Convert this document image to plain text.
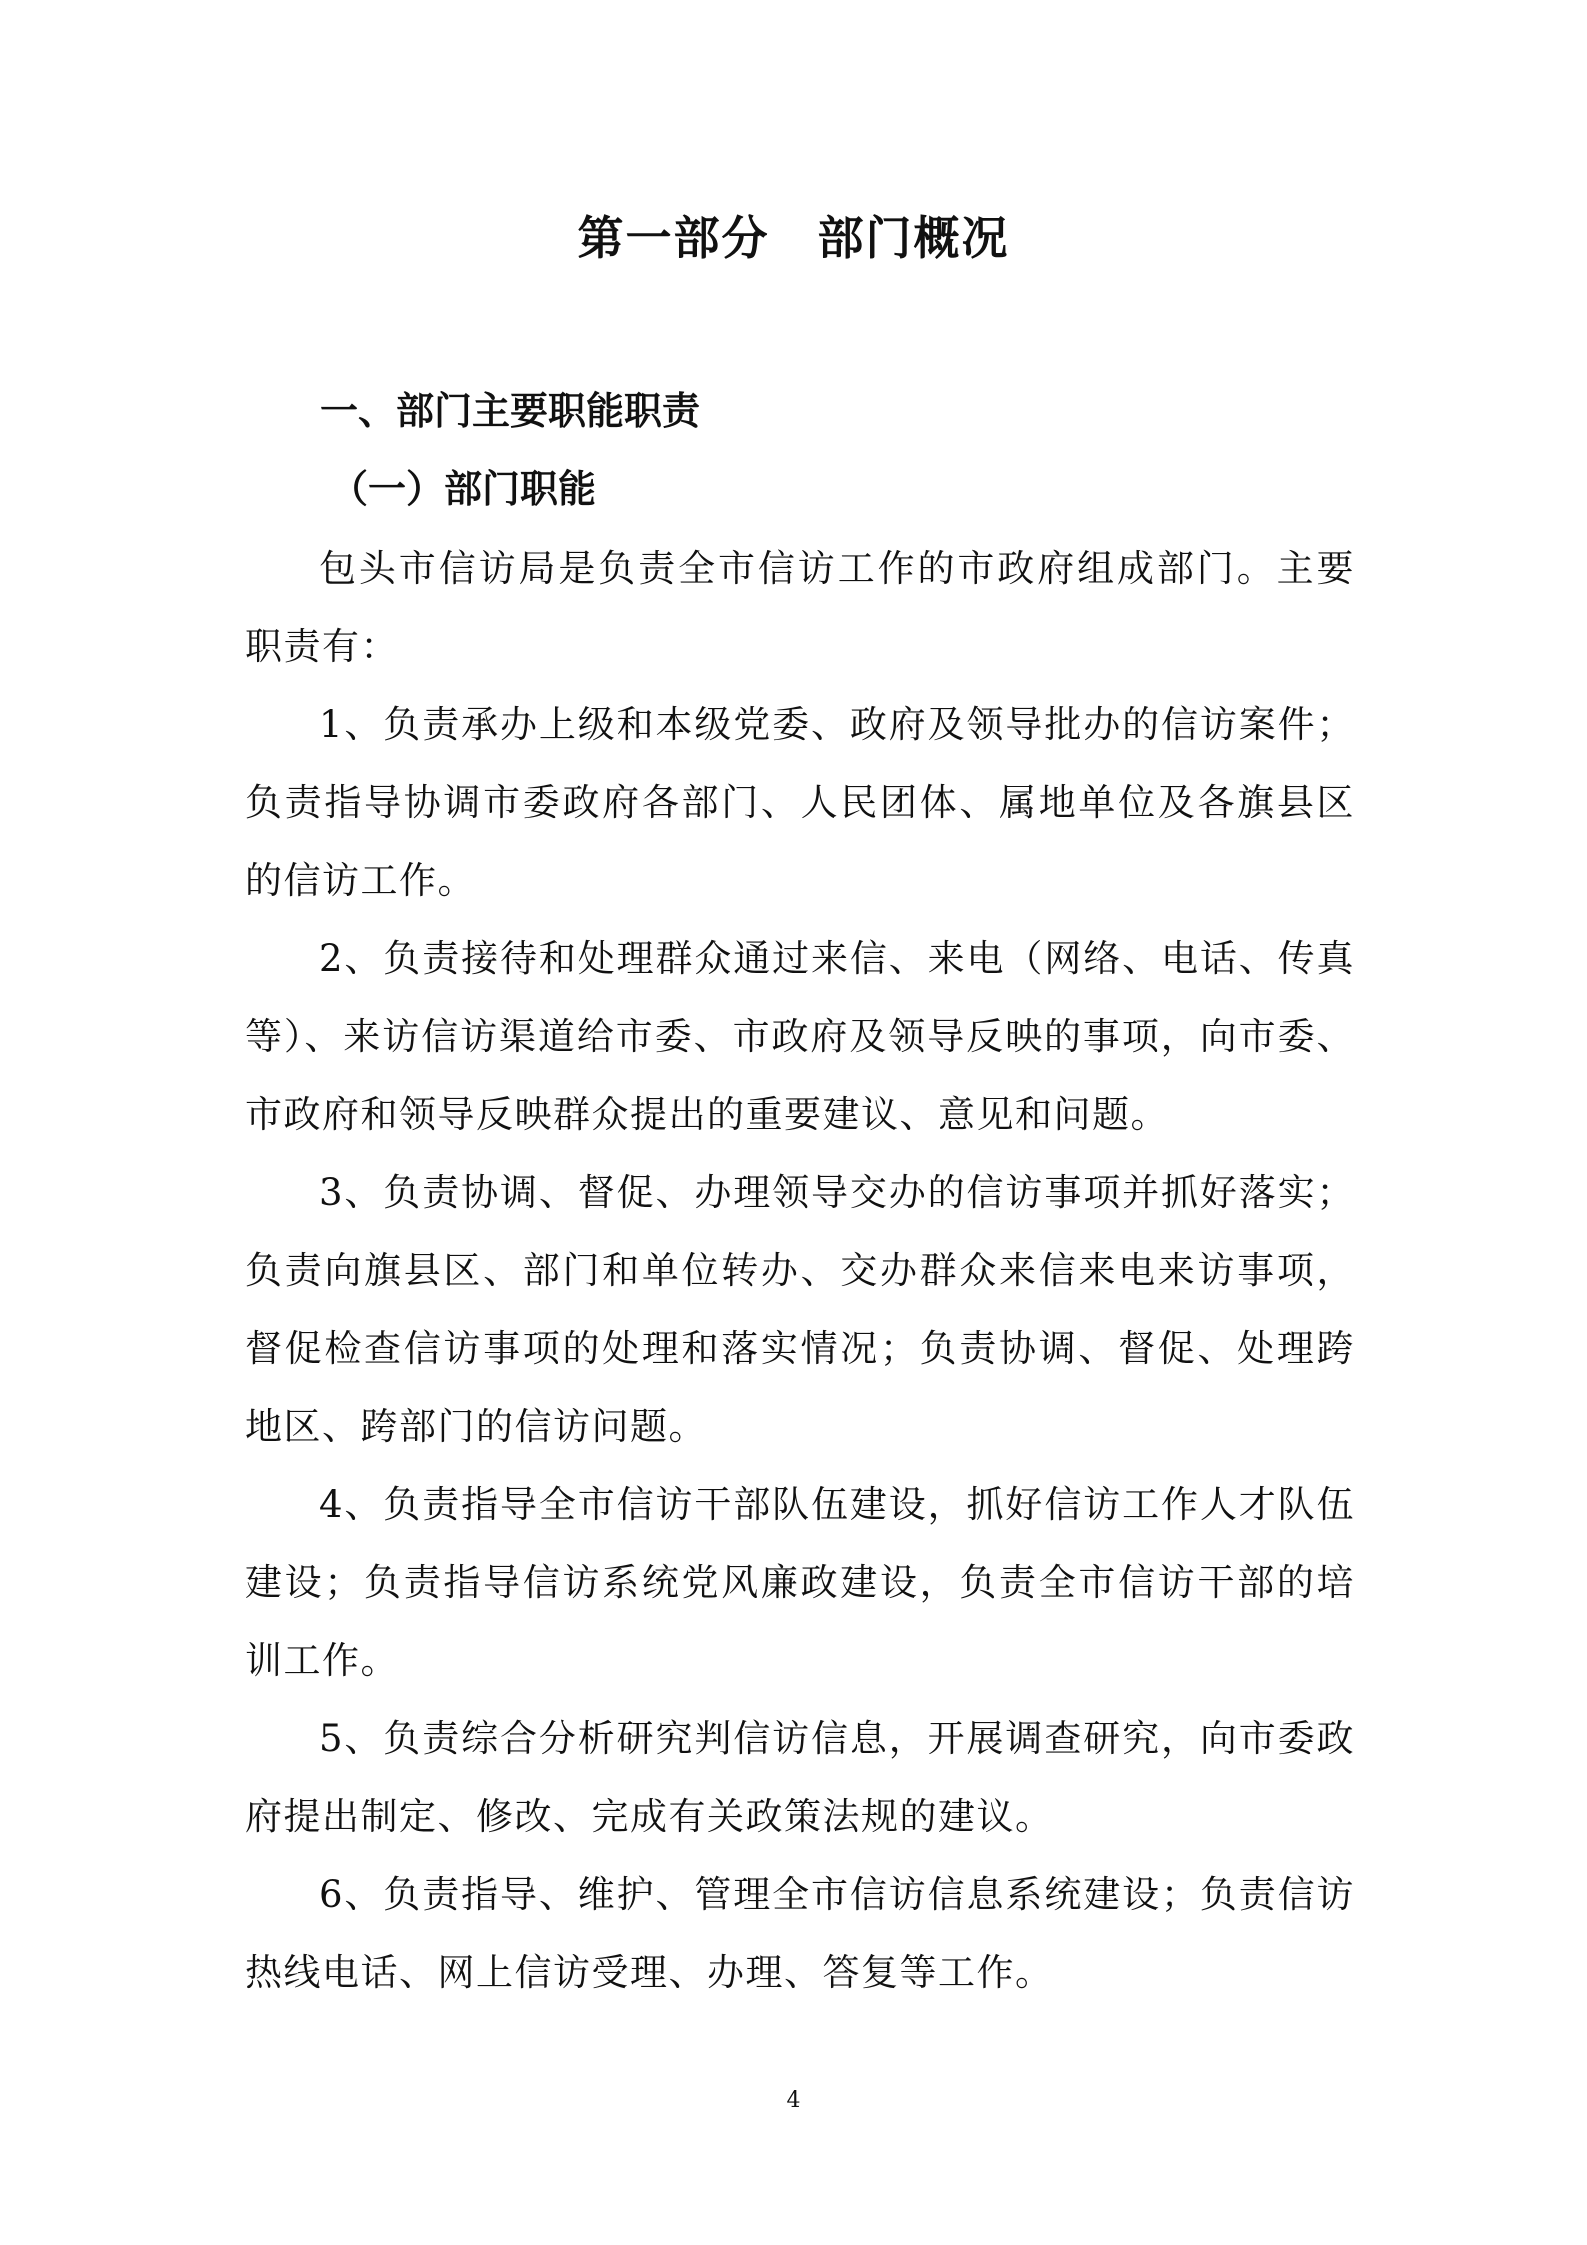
第一部分　部门概况
一、部门主要职能职责
（一）部门职能

包头市信访局是负责全市信访工作的市政府组成部门。主要职责有：

1、负责承办上级和本级党委、政府及领导批办的信访案件；负责指导协调市委政府各部门、人民团体、属地单位及各旗县区的信访工作。

2、负责接待和处理群众通过来信、来电（网络、电话、传真等）、来访信访渠道给市委、市政府及领导反映的事项，向市委、市政府和领导反映群众提出的重要建议、意见和问题。

3、负责协调、督促、办理领导交办的信访事项并抓好落实；负责向旗县区、部门和单位转办、交办群众来信来电来访事项，督促检查信访事项的处理和落实情况；负责协调、督促、处理跨地区、跨部门的信访问题。

4、负责指导全市信访干部队伍建设，抓好信访工作人才队伍建设；负责指导信访系统党风廉政建设，负责全市信访干部的培训工作。

5、负责综合分析研究判信访信息，开展调查研究，向市委政府提出制定、修改、完成有关政策法规的建议。

6、负责指导、维护、管理全市信访信息系统建设；负责信访热线电话、网上信访受理、办理、答复等工作。

4
